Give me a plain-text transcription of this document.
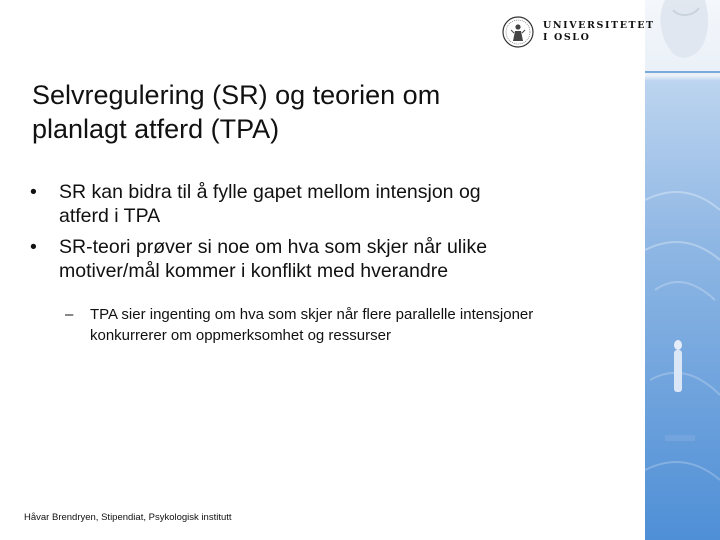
UNIVERSITETET
I OSLO
Selvregulering (SR) og teorien om
planlagt atferd (TPA)
• SR kan bidra til å fylle gapet mellom intensjon og
atferd i TPA
• SR-teori prøver si noe om hva som skjer når ulike
motiver/mål kommer i konflikt med hverandre
– TPA sier ingenting om hva som skjer når flere parallelle intensjoner
konkurrerer om oppmerksomhet og ressurser
Håvar Brendryen, Stipendiat, Psykologisk institutt
